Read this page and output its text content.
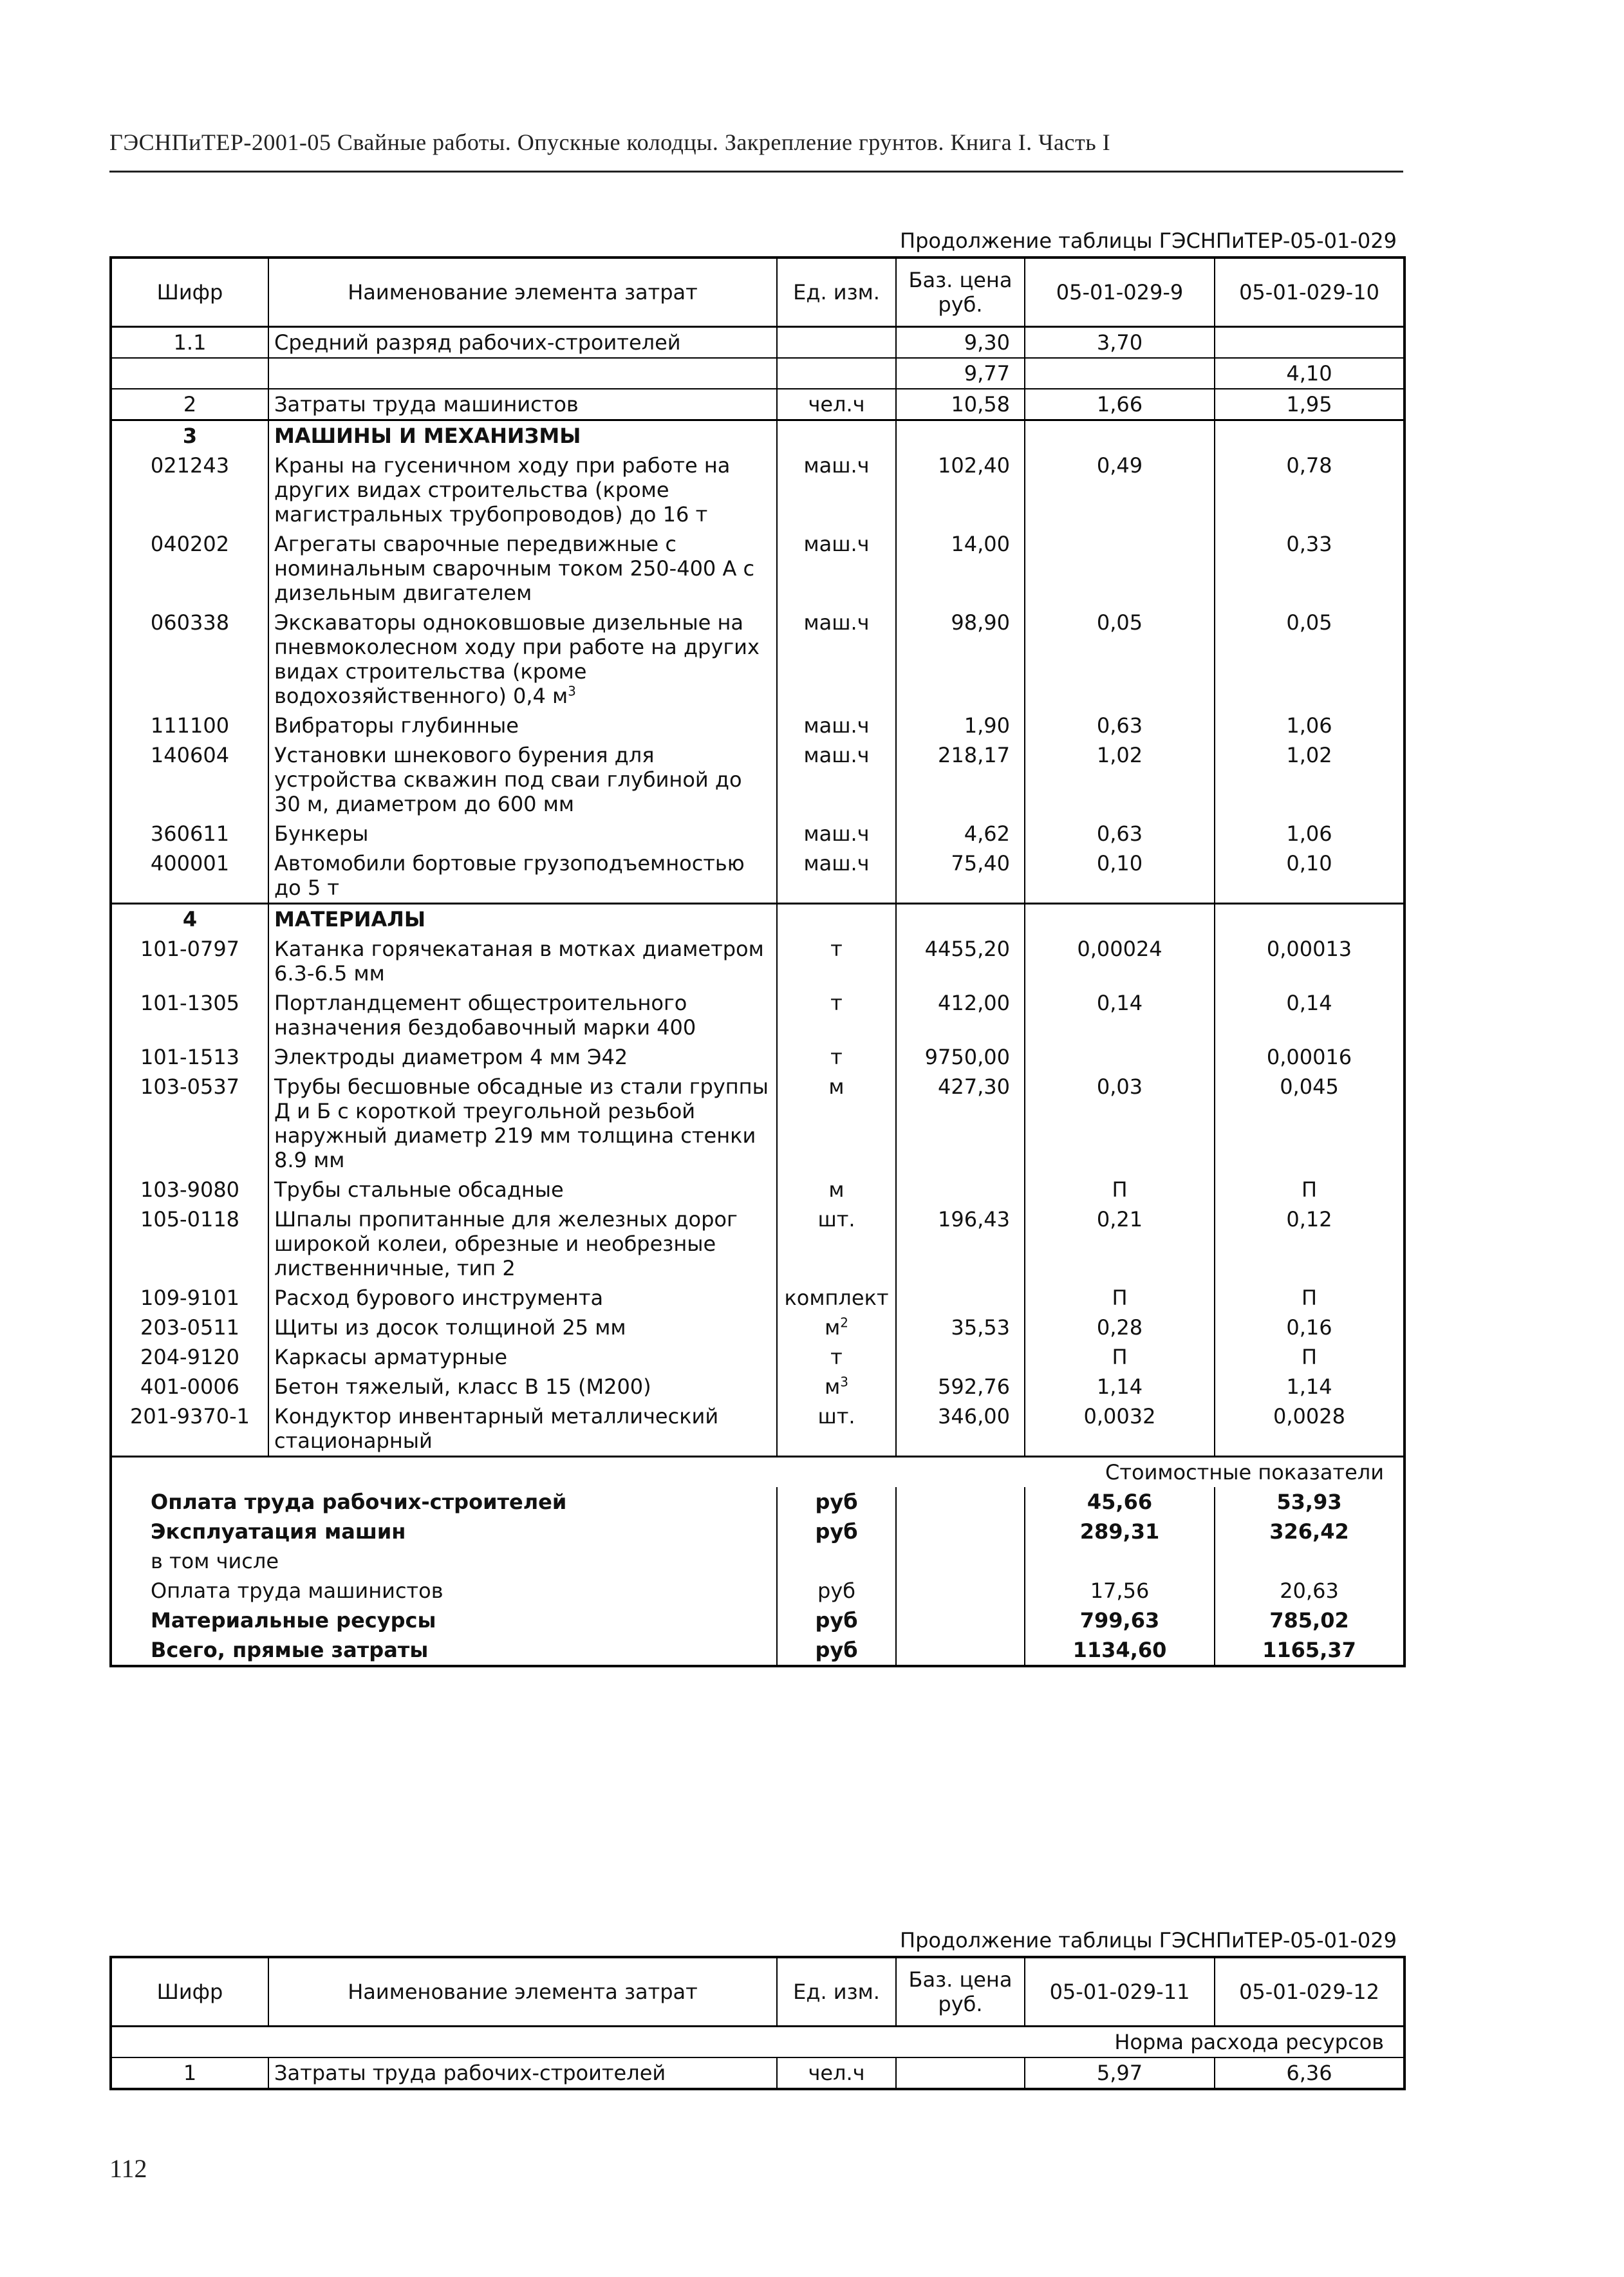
ГЭСНПиТЕР-2001-05 Свайные работы. Опускные колодцы. Закрепление грунтов. Книга I. Часть I
Продолжение таблицы ГЭСНПиТЕР-05-01-029
Шифр	Наименование элемента затрат	Ед. изм.	Баз. цена руб.	05-01-029-9	05-01-029-10
1.1	Средний разряд рабочих-строителей		9,30	3,70	
			9,77		4,10
2	Затраты труда машинистов	чел.ч	10,58	1,66	1,95
3	МАШИНЫ И МЕХАНИЗМЫ				
021243	Краны на гусеничном ходу при работе на других видах строительства (кроме магистральных трубопроводов) до 16 т	маш.ч	102,40	0,49	0,78
040202	Агрегаты сварочные передвижные с номинальным сварочным током 250-400 А с дизельным двигателем	маш.ч	14,00		0,33
060338	Экскаваторы одноковшовые дизельные на пневмоколесном ходу при работе на других видах строительства (кроме водохозяйственного) 0,4 $м^3$	маш.ч	98,90	0,05	0,05
111100	Вибраторы глубинные	маш.ч	1,90	0,63	1,06
140604	Установки шнекового бурения для устройства скважин под сваи глубиной до 30 м, диаметром до 600 мм	маш.ч	218,17	1,02	1,02
360611	Бункеры	маш.ч	4,62	0,63	1,06
400001	Автомобили бортовые грузоподъемностью до 5 т	маш.ч	75,40	0,10	0,10
4	МАТЕРИАЛЫ				
101-0797	Катанка горячекатаная в мотках диаметром 6.3-6.5 мм	т	4455,20	0,00024	0,00013
101-1305	Портландцемент общестроительного назначения бездобавочный марки 400	т	412,00	0,14	0,14
101-1513	Электроды диаметром 4 мм Э42	т	9750,00		0,00016
103-0537	Трубы бесшовные обсадные из стали группы Д и Б с короткой треугольной резьбой наружный диаметр 219 мм толщина стенки 8.9 мм	м	427,30	0,03	0,045
103-9080	Трубы стальные обсадные	м		П	П
105-0118	Шпалы пропитанные для железных дорог широкой колеи, обрезные и необрезные лиственничные, тип 2	шт.	196,43	0,21	0,12
109-9101	Расход бурового инструмента	комплект		П	П
203-0511	Щиты из досок толщиной 25 мм	$м^2$	35,53	0,28	0,16
204-9120	Каркасы арматурные	т		П	П
401-0006	Бетон тяжелый, класс В 15 (М200)	$м^3$	592,76	1,14	1,14
201-9370-1	Кондуктор инвентарный металлический стационарный	шт.	346,00	0,0032	0,0028
Стоимостные показатели					
Оплата труда рабочих-строителей		руб		45,66	53,93
Эксплуатация машин		руб		289,31	326,42
в том числе					
Оплата труда машинистов		руб		17,56	20,63
Материальные ресурсы		руб		799,63	785,02
Всего, прямые затраты		руб		1134,60	1165,37
Продолжение таблицы ГЭСНПиТЕР-05-01-029
Шифр	Наименование элемента затрат	Ед. изм.	Баз. цена руб.	05-01-029-11	05-01-029-12
Норма расхода ресурсов					
1	Затраты труда рабочих-строителей	чел.ч		5,97	6,36
112
